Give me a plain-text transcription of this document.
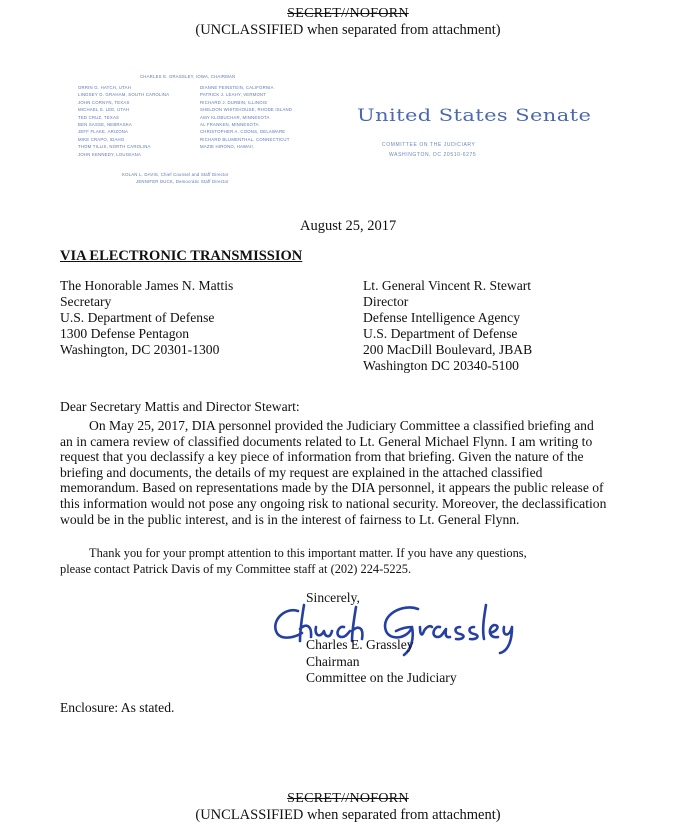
SECRET//NOFORN
(UNCLASSIFIED when separated from attachment)
CHARLES E. GRASSLEY, IOWA, CHAIRMAN
ORRIN G. HATCH, UTAH
LINDSEY O. GRAHAM, SOUTH CAROLINA
JOHN CORNYN, TEXAS
MICHAEL S. LEE, UTAH
TED CRUZ, TEXAS
BEN SASSE, NEBRASKA
JEFF FLAKE, ARIZONA
MIKE CRAPO, IDAHO
THOM TILLIS, NORTH CAROLINA
JOHN KENNEDY, LOUISIANA
DIANNE FEINSTEIN, CALIFORNIA
PATRICK J. LEAHY, VERMONT
RICHARD J. DURBIN, ILLINOIS
SHELDON WHITEHOUSE, RHODE ISLAND
AMY KLOBUCHAR, MINNESOTA
AL FRANKEN, MINNESOTA
CHRISTOPHER A. COONS, DELAWARE
RICHARD BLUMENTHAL, CONNECTICUT
MAZIE HIRONO, HAWAII
KOLAN L. DAVIS, Chief Counsel and Staff Director
JENNIFER DUCK, Democratic Staff Director
United States Senate
COMMITTEE ON THE JUDICIARY
WASHINGTON, DC 20510-6275
August 25, 2017
VIA ELECTRONIC TRANSMISSION
The Honorable James N. Mattis
Secretary
U.S. Department of Defense
1300 Defense Pentagon
Washington, DC 20301-1300
Lt. General Vincent R. Stewart
Director
Defense Intelligence Agency
U.S. Department of Defense
200 MacDill Boulevard, JBAB
Washington DC 20340-5100
Dear Secretary Mattis and Director Stewart:
On May 25, 2017, DIA personnel provided the Judiciary Committee a classified briefing and
an in camera review of classified documents related to Lt. General Michael Flynn. I am writing to
request that you declassify a key piece of information from that briefing. Given the nature of the
briefing and documents, the details of my request are explained in the attached classified
memorandum. Based on representations made by the DIA personnel, it appears the public release of
this information would not pose any ongoing risk to national security. Moreover, the declassification
would be in the public interest, and is in the interest of fairness to Lt. General Flynn.
Thank you for your prompt attention to this important matter. If you have any questions,
please contact Patrick Davis of my Committee staff at (202) 224-5225.
Sincerely,
Charles E. Grassley
Chairman
Committee on the Judiciary
Enclosure: As stated.
SECRET//NOFORN
(UNCLASSIFIED when separated from attachment)
